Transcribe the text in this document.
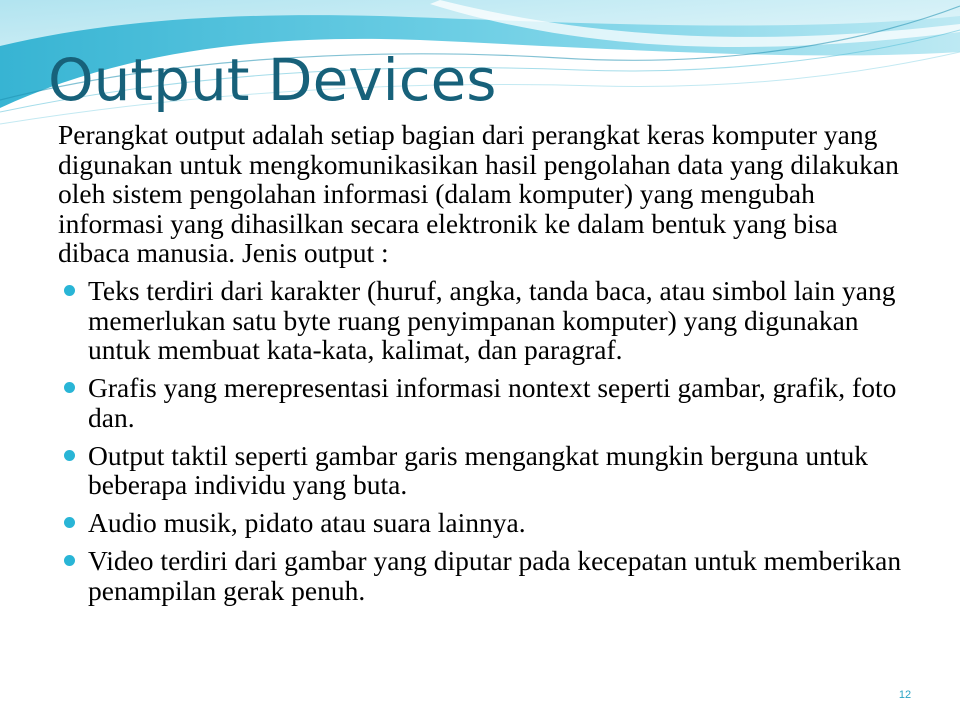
Output Devices

Perangkat output adalah setiap bagian dari perangkat keras komputer yang digunakan untuk mengkomunikasikan hasil pengolahan data yang dilakukan oleh sistem pengolahan informasi (dalam komputer) yang mengubah informasi yang dihasilkan secara elektronik ke dalam bentuk yang bisa dibaca manusia. Jenis output :

Teks terdiri dari karakter (huruf, angka, tanda baca, atau simbol lain yang memerlukan satu byte ruang penyimpanan komputer) yang digunakan untuk membuat kata-kata, kalimat, dan paragraf.
Grafis yang merepresentasi informasi nontext seperti gambar, grafik, foto dan.
Output taktil seperti gambar garis mengangkat mungkin berguna untuk beberapa individu yang buta.
Audio musik, pidato atau suara lainnya.
Video terdiri dari gambar yang diputar pada kecepatan untuk memberikan penampilan gerak penuh.
12
